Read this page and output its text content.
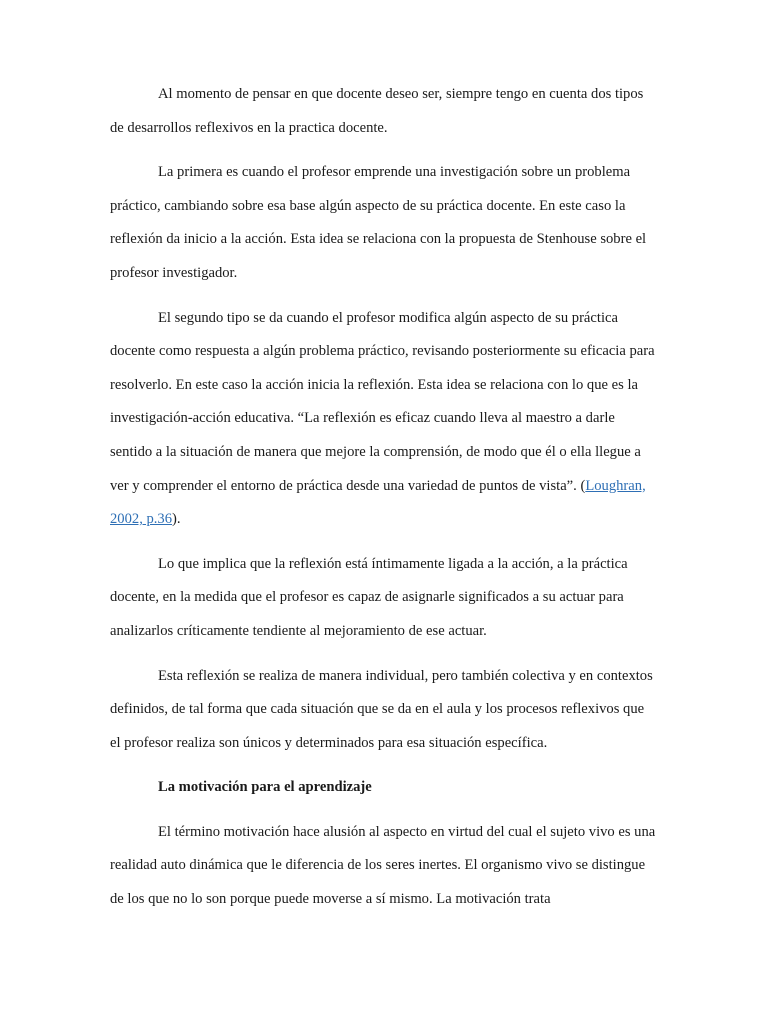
Al momento de pensar en que docente deseo ser, siempre tengo en cuenta dos tipos de desarrollos reflexivos en la practica docente.

La primera es cuando el profesor emprende una investigación sobre un problema práctico, cambiando sobre esa base algún aspecto de su práctica docente. En este caso la reflexión da inicio a la acción. Esta idea se relaciona con la propuesta de Stenhouse sobre el profesor investigador.

El segundo tipo se da cuando el profesor modifica algún aspecto de su práctica docente como respuesta a algún problema práctico, revisando posteriormente su eficacia para resolverlo. En este caso la acción inicia la reflexión. Esta idea se relaciona con lo que es la investigación-acción educativa. “La reflexión es eficaz cuando lleva al maestro a darle sentido a la situación de manera que mejore la comprensión, de modo que él o ella llegue a ver y comprender el entorno de práctica desde una variedad de puntos de vista”. (Loughran, 2002, p.36).

Lo que implica que la reflexión está íntimamente ligada a la acción, a la práctica docente, en la medida que el profesor es capaz de asignarle significados a su actuar para analizarlos críticamente tendiente al mejoramiento de ese actuar.

Esta reflexión se realiza de manera individual, pero también colectiva y en contextos definidos, de tal forma que cada situación que se da en el aula y los procesos reflexivos que el profesor realiza son únicos y determinados para esa situación específica.

La motivación para el aprendizaje

El término motivación hace alusión al aspecto en virtud del cual el sujeto vivo es una realidad auto dinámica que le diferencia de los seres inertes. El organismo vivo se distingue de los que no lo son porque puede moverse a sí mismo. La motivación trata
